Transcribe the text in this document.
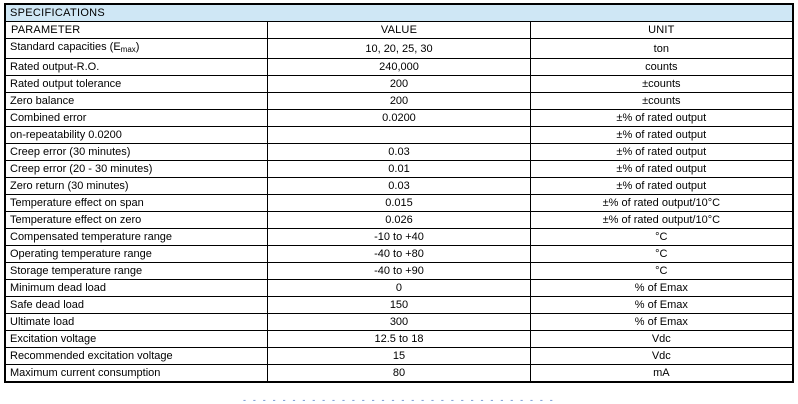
SPECIFICATIONS		
PARAMETER	VALUE	UNIT
Standard capacities $(E_{max})$	10, 20, 25, 30	ton
Rated output-R.O.	240,000	counts
Rated output tolerance	200	±counts
Zero balance	200	±counts
Combined error	0.0200	±% of rated output
on-repeatability 0.0200		±% of rated output
Creep error (30 minutes)	0.03	±% of rated output
Creep error (20 - 30 minutes)	0.01	±% of rated output
Zero return (30 minutes)	0.03	±% of rated output
Temperature effect on span	0.015	±% of rated output/10°C
Temperature effect on zero	0.026	±% of rated output/10°C
Compensated temperature range	-10 to +40	°C
Operating temperature range	-40 to +80	°C
Storage temperature range	-40 to +90	°C
Minimum dead load	0	% of Emax
Safe dead load	150	% of Emax
Ultimate load	300	% of Emax
Excitation voltage	12.5 to 18	Vdc
Recommended excitation voltage	15	Vdc
Maximum current consumption	80	mA
- - - - - - - - - - - - - - - - - - - - - - - - - - - - - - - -
